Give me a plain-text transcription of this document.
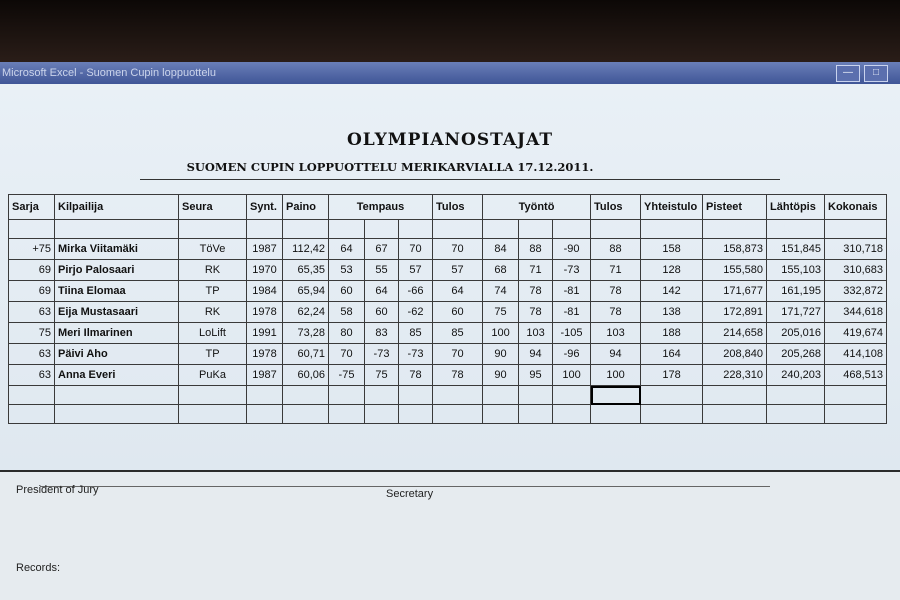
Microsoft Excel - Suomen Cupin loppuottelu	—	□
OLYMPIANOSTAJAT
SUOMEN CUPIN LOPPUOTTELU MERIKARVIALLA 17.12.2011.
Sarja	Kilpailija	Seura	Synt.	Paino	Tempaus			Tulos	Työntö			Tulos	Yhteistulo	Pisteet	Lähtöpis	Kokonais

+75	Mirka Viitamäki	TöVe	1987	112,42	64	67	70	70	84	88	-90	88	158	158,873	151,845	310,718
69	Pirjo Palosaari	RK	1970	65,35	53	55	57	57	68	71	-73	71	128	155,580	155,103	310,683
69	Tiina Elomaa	TP	1984	65,94	60	64	-66	64	74	78	-81	78	142	171,677	161,195	332,872
63	Eija Mustasaari	RK	1978	62,24	58	60	-62	60	75	78	-81	78	138	172,891	171,727	344,618
75	Meri Ilmarinen	LoLift	1991	73,28	80	83	85	85	100	103	-105	103	188	214,658	205,016	419,674
63	Päivi Aho	TP	1978	60,71	70	-73	-73	70	90	94	-96	94	164	208,840	205,268	414,108
63	Anna Everi	PuKa	1987	60,06	-75	75	78	78	90	95	100	100	178	228,310	240,203	468,513

President of Jury	Secretary
Records:
